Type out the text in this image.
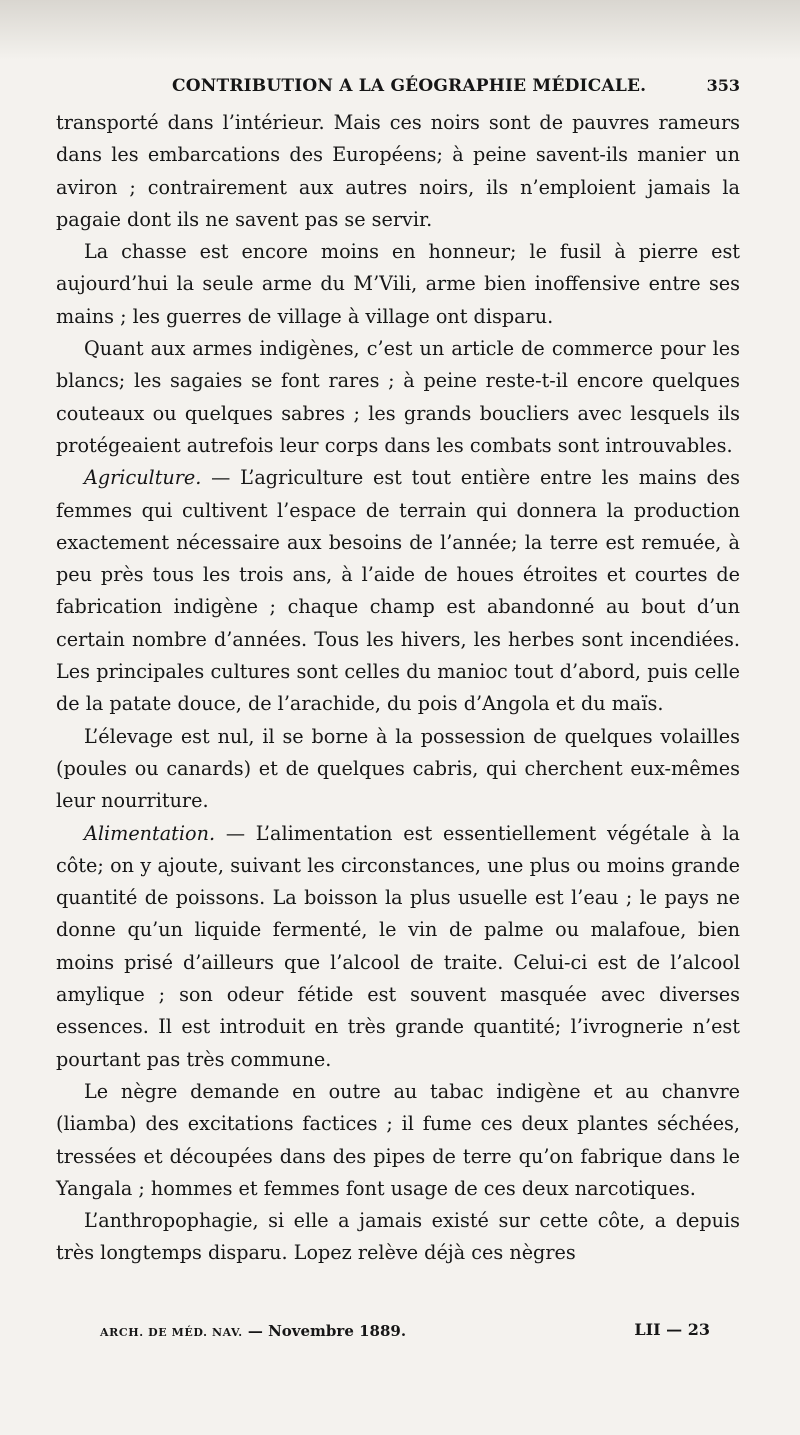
CONTRIBUTION A LA GÉOGRAPHIE MÉDICALE.	353

transporté dans l’intérieur. Mais ces noirs sont de pauvres rameurs dans les embarcations des Européens; à peine savent-ils manier un aviron ; contrairement aux autres noirs, ils n’emploient jamais la pagaie dont ils ne savent pas se servir.

La chasse est encore moins en honneur; le fusil à pierre est aujourd’hui la seule arme du M’Vili, arme bien inoffensive entre ses mains ; les guerres de village à village ont disparu.

Quant aux armes indigènes, c’est un article de commerce pour les blancs; les sagaies se font rares ; à peine reste-t-il encore quelques couteaux ou quelques sabres ; les grands boucliers avec lesquels ils protégeaient autrefois leur corps dans les combats sont introuvables.

Agriculture. — L’agriculture est tout entière entre les mains des femmes qui cultivent l’espace de terrain qui donnera la production exactement nécessaire aux besoins de l’année; la terre est remuée, à peu près tous les trois ans, à l’aide de houes étroites et courtes de fabrication indigène ; chaque champ est abandonné au bout d’un certain nombre d’années. Tous les hivers, les herbes sont incendiées. Les principales cultures sont celles du manioc tout d’abord, puis celle de la patate douce, de l’arachide, du pois d’Angola et du maïs.

L’élevage est nul, il se borne à la possession de quelques volailles (poules ou canards) et de quelques cabris, qui cherchent eux-mêmes leur nourriture.

Alimentation. — L’alimentation est essentiellement végétale à la côte; on y ajoute, suivant les circonstances, une plus ou moins grande quantité de poissons. La boisson la plus usuelle est l’eau ; le pays ne donne qu’un liquide fermenté, le vin de palme ou malafoue, bien moins prisé d’ailleurs que l’alcool de traite. Celui-ci est de l’alcool amylique ; son odeur fétide est souvent masquée avec diverses essences. Il est introduit en très grande quantité; l’ivrognerie n’est pourtant pas très commune.

Le nègre demande en outre au tabac indigène et au chanvre (liamba) des excitations factices ; il fume ces deux plantes séchées, tressées et découpées dans des pipes de terre qu’on fabrique dans le Yangala ; hommes et femmes font usage de ces deux narcotiques.

L’anthropophagie, si elle a jamais existé sur cette côte, a depuis très longtemps disparu. Lopez relève déjà ces nègres

ARCH. DE MÉD. NAV. — Novembre 1889.	LII — 23
